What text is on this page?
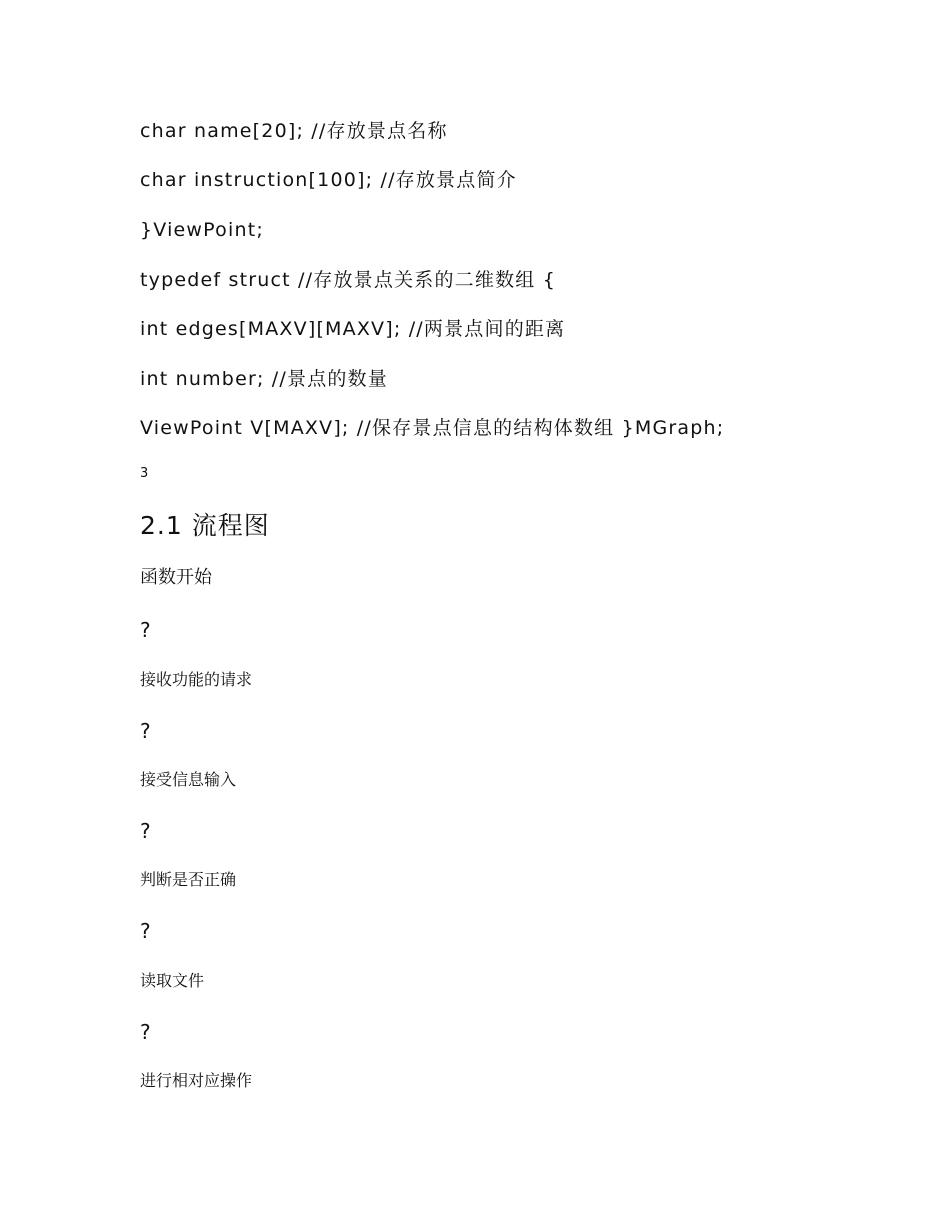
char name[20]; //存放景点名称

char instruction[100]; //存放景点简介

}ViewPoint;

typedef struct //存放景点关系的二维数组 {

int edges[MAXV][MAXV]; //两景点间的距离

int number; //景点的数量

ViewPoint V[MAXV]; //保存景点信息的结构体数组 }MGraph;

3

2.1 流程图

函数开始

?

接收功能的请求

?

接受信息输入

?

判断是否正确

?

读取文件

?

进行相对应操作
